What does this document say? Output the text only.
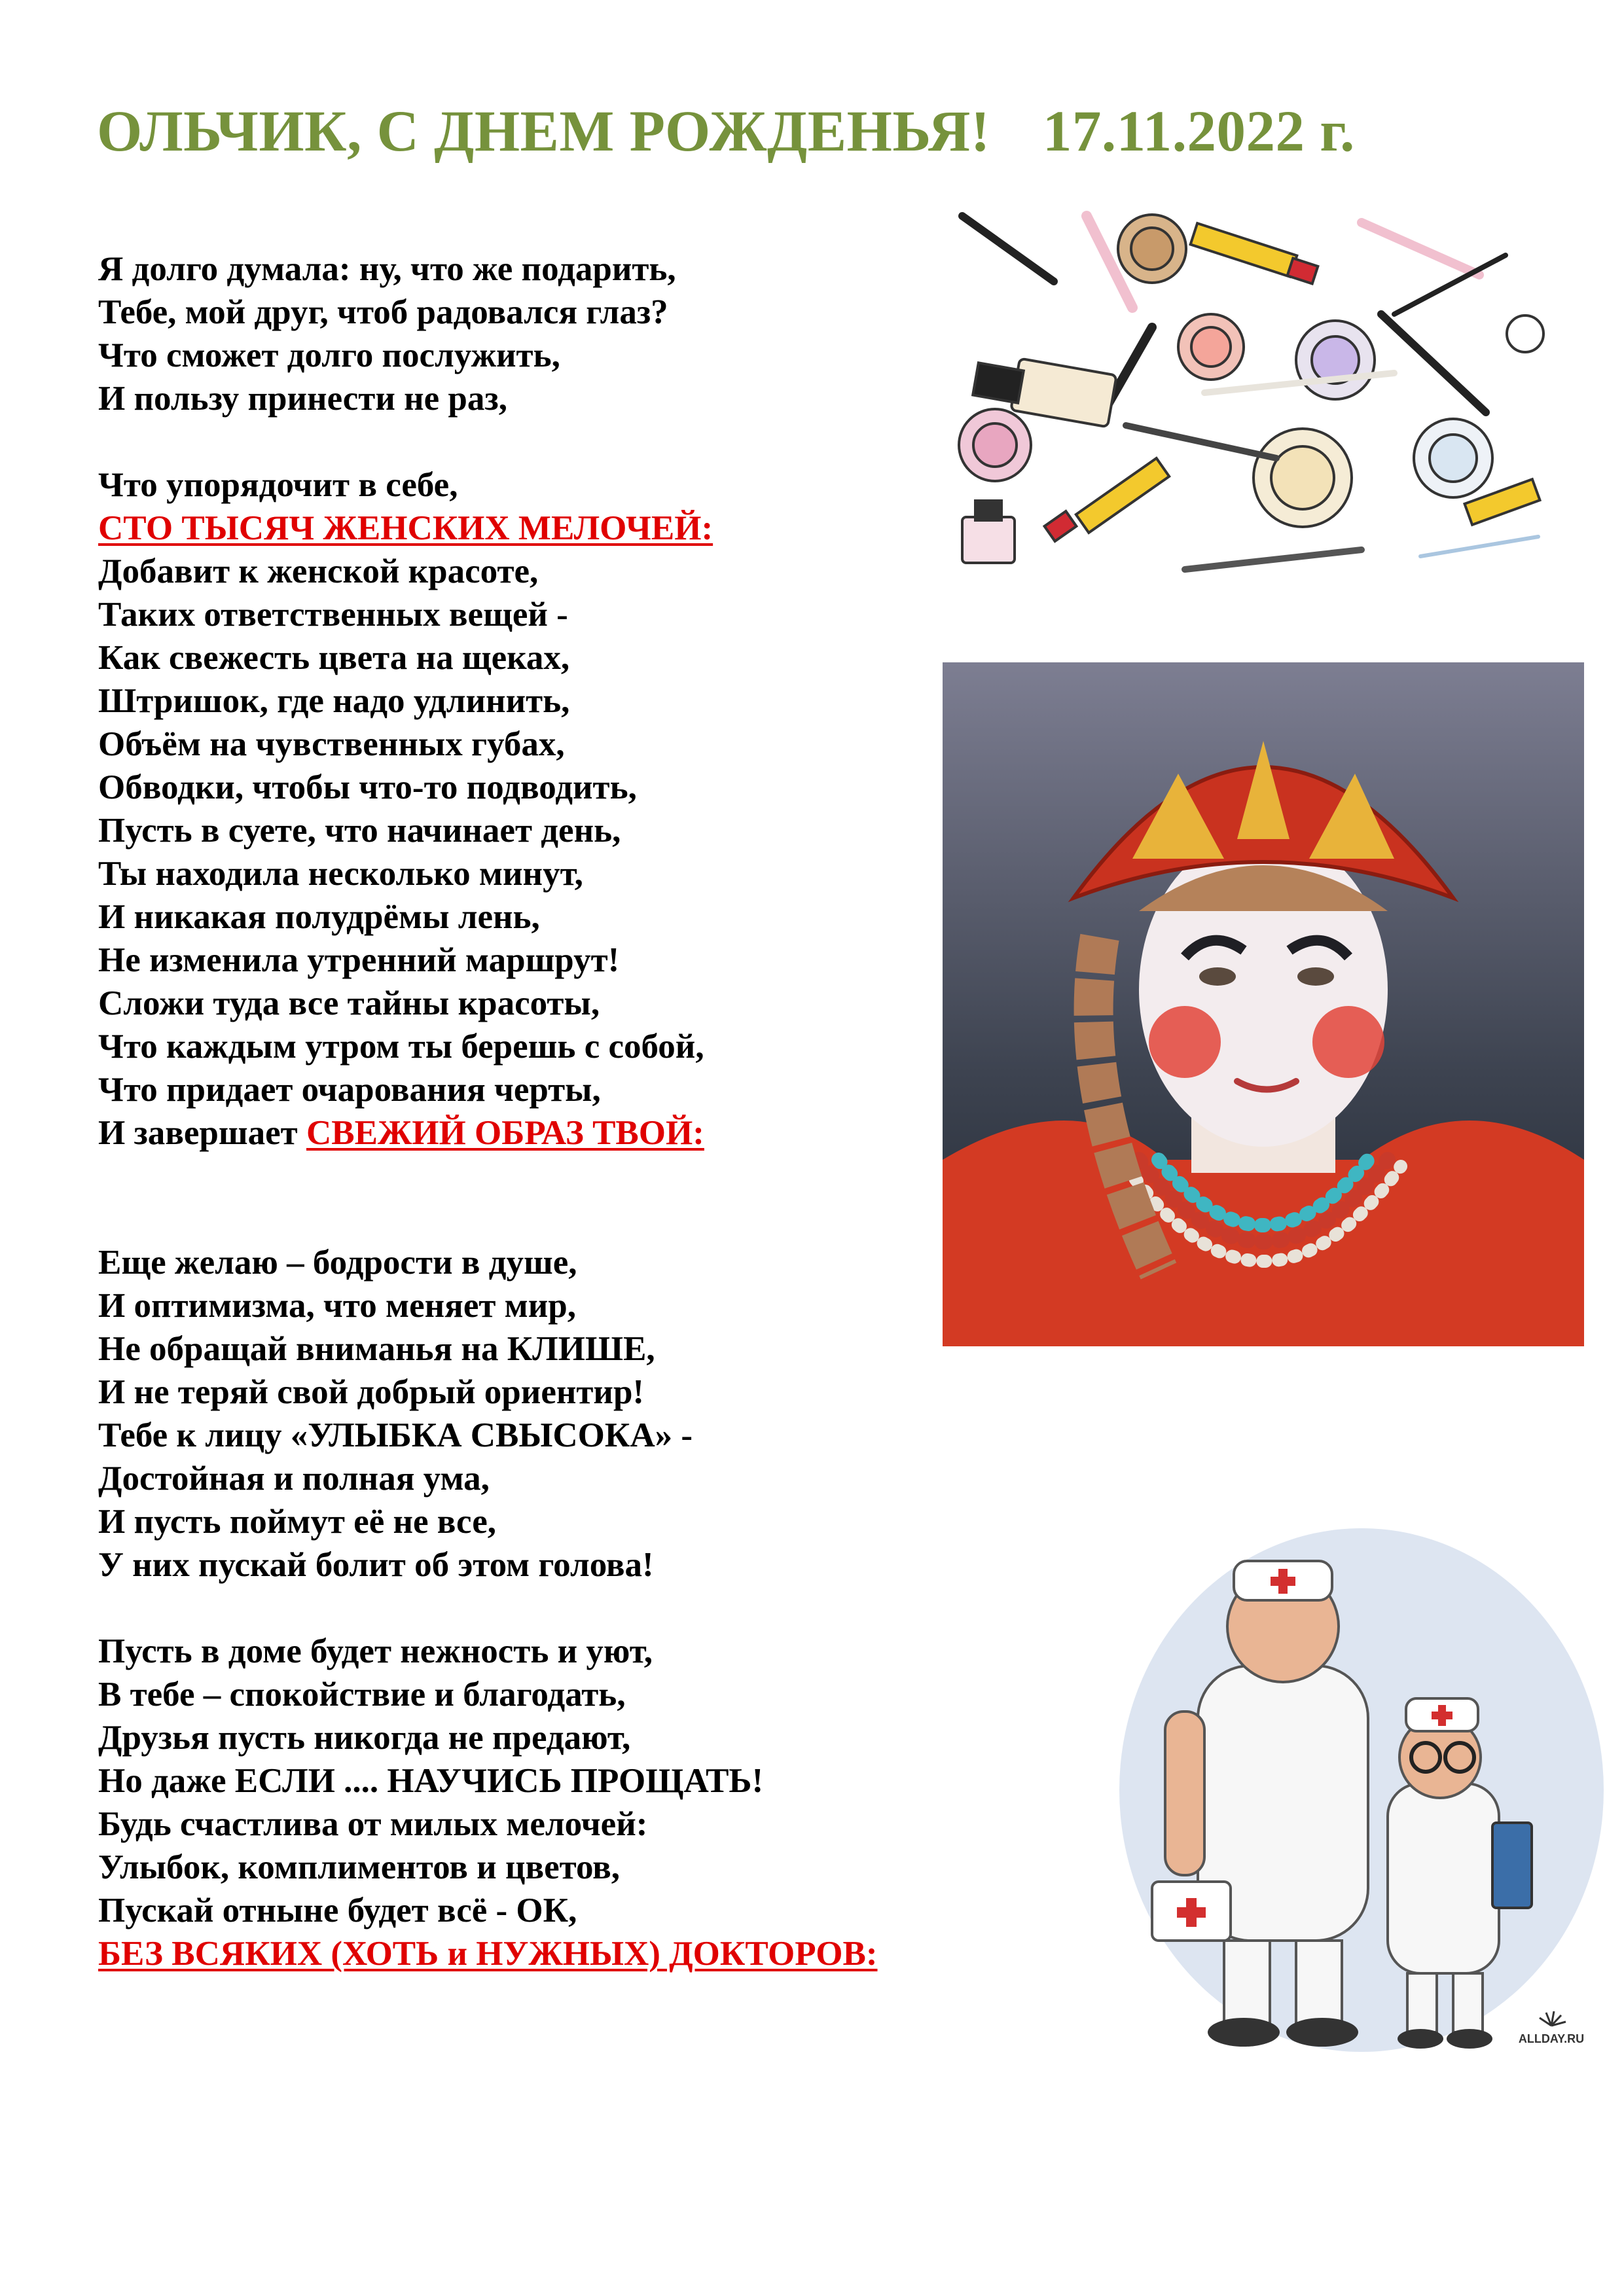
ОЛЬЧИК, С ДНЕМ РОЖДЕНЬЯ! 17.11.2022 г.
Я долго думала: ну, что же подарить,
Тебе, мой друг, чтоб радовался глаз?
Что сможет долго послужить,
И пользу принести не раз,
Что упорядочит в себе,
СТО ТЫСЯЧ ЖЕНСКИХ МЕЛОЧЕЙ:
Добавит к женской красоте,
Таких ответственных вещей -
Как свежесть цвета на щеках,
Штришок, где надо удлинить,
Объём на чувственных губах,
Обводки, чтобы что-то подводить,
Пусть в суете, что начинает день,
Ты находила несколько минут,
И никакая полудрёмы лень,
Не изменила утренний маршрут!
Сложи туда все тайны красоты,
Что каждым утром ты берешь с собой,
Что придает очарования черты,
И завершает СВЕЖИЙ ОБРАЗ ТВОЙ:
Еще желаю – бодрости в душе,
И оптимизма, что меняет мир,
Не обращай вниманья на КЛИШЕ,
И не теряй свой добрый ориентир!
Тебе к лицу «УЛЫБКА СВЫСОКА» -
Достойная и полная ума,
И пусть поймут её не все,
У них пускай болит об этом голова!
Пусть в доме будет нежность и уют,
В тебе – спокойствие и благодать,
Друзья пусть никогда не предают,
Но даже ЕСЛИ .... НАУЧИСЬ ПРОЩАТЬ!
Будь счастлива от милых мелочей:
Улыбок, комплиментов и цветов,
Пускай отныне будет всё - ОК,
БЕЗ ВСЯКИХ (ХОТЬ и НУЖНЫХ) ДОКТОРОВ:
ALLDAY.RU
